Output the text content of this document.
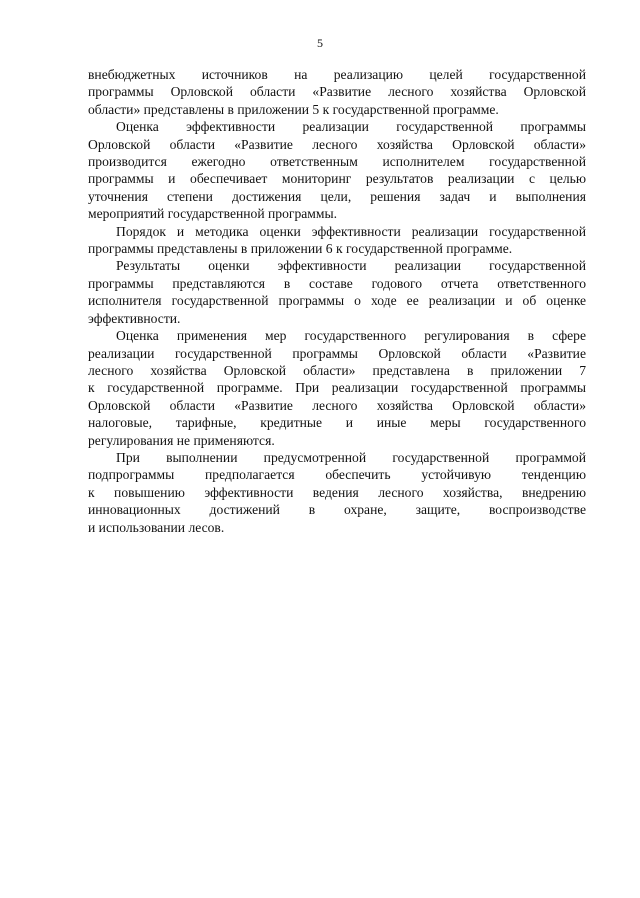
5

внебюджетных источников на реализацию целей государственной
программы Орловской области «Развитие лесного хозяйства Орловской
области» представлены в приложении 5 к государственной программе.

Оценка эффективности реализации государственной программы
Орловской области «Развитие лесного хозяйства Орловской области»
производится ежегодно ответственным исполнителем государственной
программы и обеспечивает мониторинг результатов реализации с целью
уточнения степени достижения цели, решения задач и выполнения
мероприятий государственной программы.

Порядок и методика оценки эффективности реализации государственной
программы представлены в приложении 6 к государственной программе.

Результаты оценки эффективности реализации государственной
программы представляются в составе годового отчета ответственного
исполнителя государственной программы о ходе ее реализации и об оценке
эффективности.

Оценка применения мер государственного регулирования в сфере
реализации государственной программы Орловской области «Развитие
лесного хозяйства Орловской области» представлена в приложении 7
к государственной программе. При реализации государственной программы
Орловской области «Развитие лесного хозяйства Орловской области»
налоговые, тарифные, кредитные и иные меры государственного
регулирования не применяются.

При выполнении предусмотренной государственной программой
подпрограммы предполагается обеспечить устойчивую тенденцию
к повышению эффективности ведения лесного хозяйства, внедрению
инновационных достижений в охране, защите, воспроизводстве
и использовании лесов.
